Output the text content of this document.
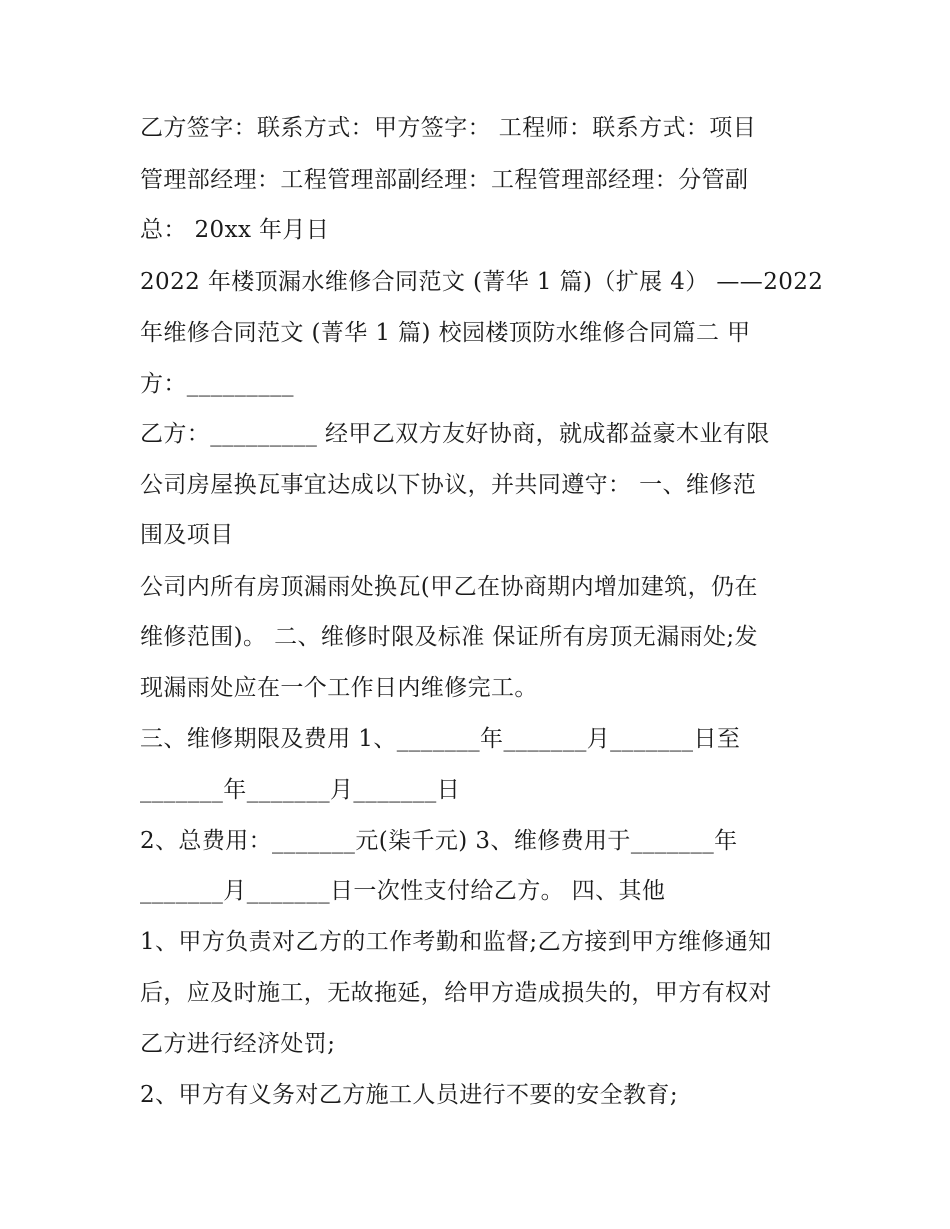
乙方签字：联系方式：甲方签字： 工程师：联系方式：项目

管理部经理：工程管理部副经理：工程管理部经理：分管副

总： 20xx 年月日

2022 年楼顶漏水维修合同范文 (菁华 1 篇)（扩展 4） ——2022

年维修合同范文 (菁华 1 篇) 校园楼顶防水维修合同篇二 甲

方：_________

乙方：_________ 经甲乙双方友好协商，就成都益豪木业有限

公司房屋换瓦事宜达成以下协议，并共同遵守： 一、维修范

围及项目

公司内所有房顶漏雨处换瓦(甲乙在协商期内增加建筑，仍在

维修范围)。 二、维修时限及标准 保证所有房顶无漏雨处;发

现漏雨处应在一个工作日内维修完工。

三、维修期限及费用 1、_______年_______月_______日至

_______年_______月_______日

2、总费用：_______元(柒千元) 3、维修费用于_______年

_______月_______日一次性支付给乙方。 四、其他

1、甲方负责对乙方的工作考勤和监督;乙方接到甲方维修通知

后，应及时施工，无故拖延，给甲方造成损失的，甲方有权对

乙方进行经济处罚;

2、甲方有义务对乙方施工人员进行不要的安全教育;
